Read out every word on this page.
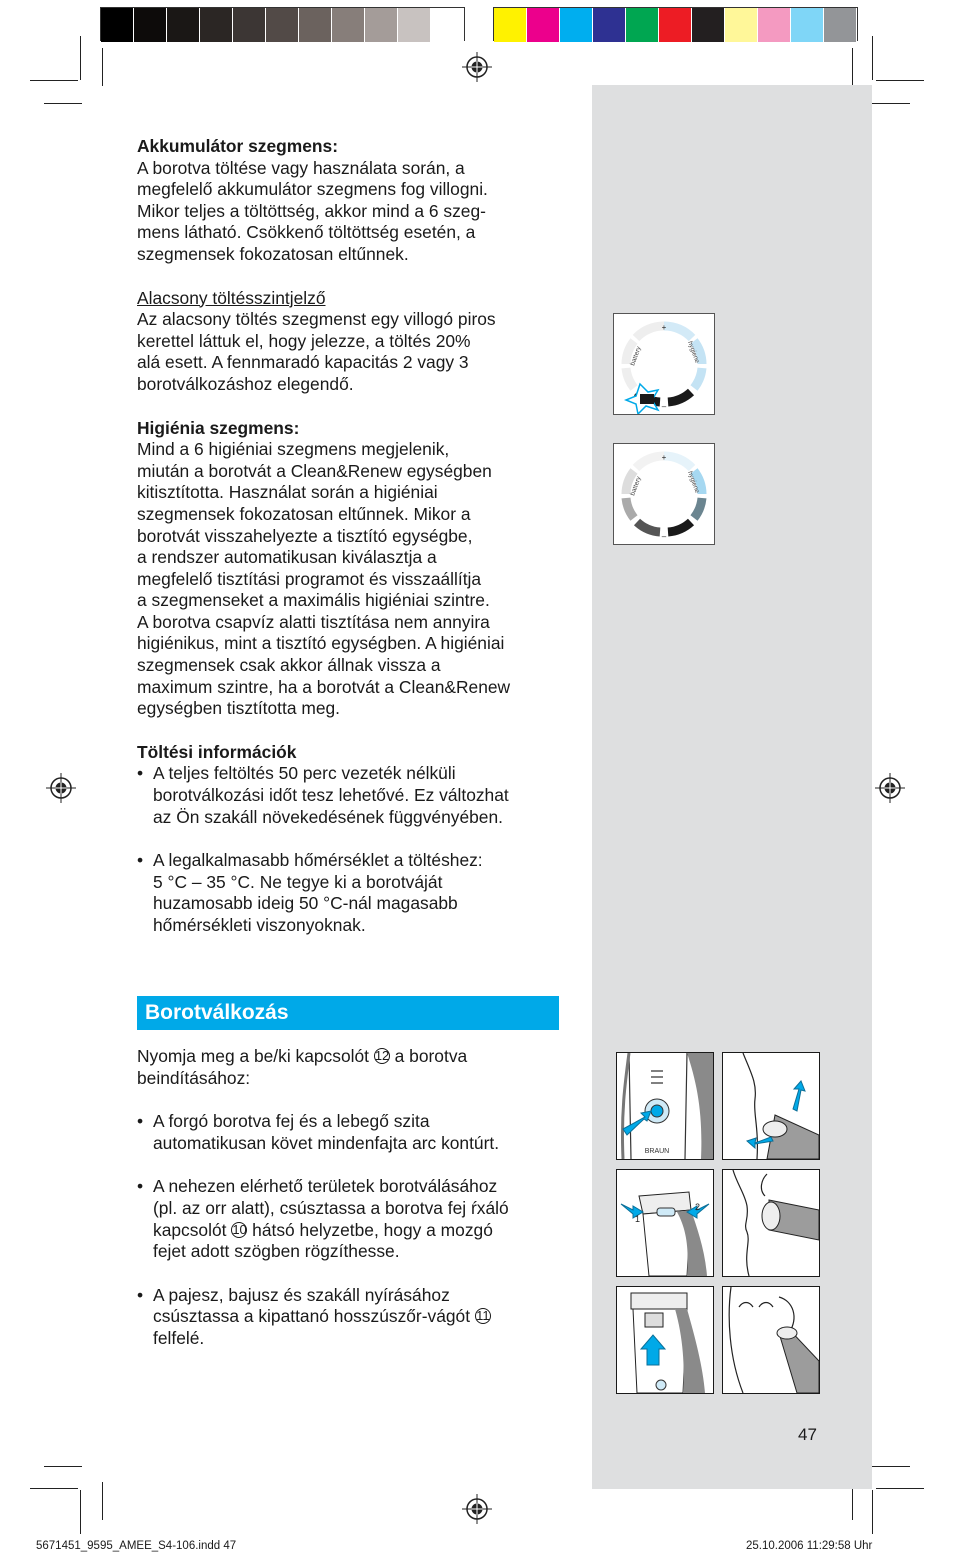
Akkumulátor szegmens:

A borotva töltése vagy használata során, a

megfelelő akkumulátor szegmens fog villogni.

Mikor teljes a töltöttség, akkor mind a 6 szeg-

mens látható. Csökkenő töltöttség esetén, a

szegmensek fokozatosan eltűnnek.

Alacsony töltésszintjelző

Az alacsony töltés szegmenst egy villogó piros

kerettel láttuk el, hogy jelezze, a töltés 20%

alá esett. A fennmaradó kapacitás 2 vagy 3

borotválkozáshoz elegendő.

Higiénia szegmens:

Mind a 6 higiéniai szegmens megjelenik,

miután a borotvát a Clean&Renew egységben

kitisztította. Használat során a higiéniai

szegmensek fokozatosan eltűnnek. Mikor a

borotvát visszahelyezte a tisztító egységbe,

a rendszer automatikusan kiválasztja a

megfelelő tisztítási programot és visszaállítja

a szegmenseket a maximális higiéniai szintre.

A borotva csapvíz alatti tisztítása nem annyira

higiénikus, mint a tisztító egységben. A higiéniai

szegmensek csak akkor állnak vissza a

maximum szintre, ha a borotvát a Clean&Renew

egységben tisztította meg.

Töltési információk

• A teljes feltöltés 50 perc vezeték nélküli

borotválkozási időt tesz lehetővé. Ez változhat

az Ön szakáll növekedésének függvényében.

• A legalkalmasabb hőmérséklet a töltéshez:

5 °C – 35 °C. Ne tegye ki a borotváját

huzamosabb ideig 50 °C-nál magasabb

hőmérsékleti viszonyoknak.

Borotválkozás

Nyomja meg a be/ki kapcsolót 12 a borotva

beindításához:

• A forgó borotva fej és a lebegő szita

automatikusan követ mindenfajta arc kontúrt.

• A nehezen elérhető területek borotválásához

(pl. az orr alatt), csúsztassa a borotva fej ŕxáló

kapcsolót 10 hátsó helyzetbe, hogy a mozgó

fejet adott szögben rögzíthesse.

• A pajesz, bajusz és szakáll nyírásához

csúsztassa a kipattanó hosszúszőr-vágót 11

felfelé.

+
–
battery	hygiene
+
–
battery	hygiene
BRAUN
1
2
47
5671451_9595_AMEE_S4-106.indd 47	25.10.2006 11:29:58 Uhr
